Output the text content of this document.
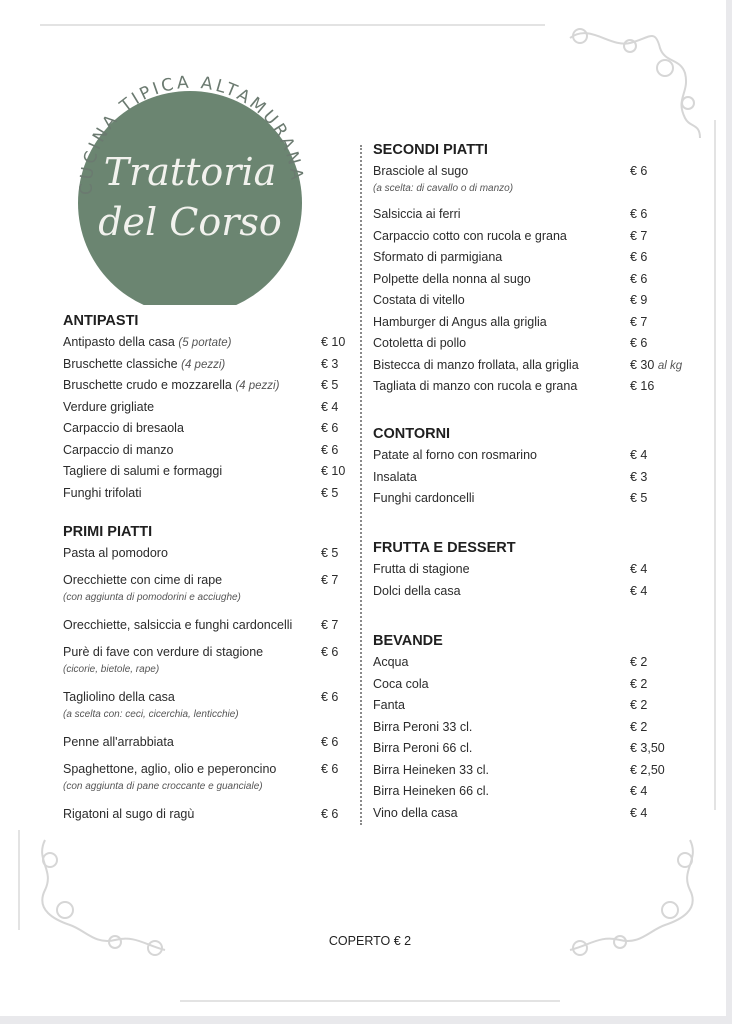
CUCINA TIPICA ALTAMURANA
Trattoria
del Corso
ANTIPASTI
Antipasto della casa (5 portate)	€ 10
Bruschette classiche (4 pezzi)	€ 3
Bruschette crudo e mozzarella (4 pezzi)	€ 5
Verdure grigliate	€ 4
Carpaccio di bresaola	€ 6
Carpaccio di manzo	€ 6
Tagliere di salumi e formaggi	€ 10
Funghi trifolati	€ 5
PRIMI PIATTI
Pasta al pomodoro	€ 5
Orecchiette con cime di rape
(con aggiunta di pomodorini e acciughe)
€ 7
Orecchiette, salsiccia e funghi cardoncelli € 7
Purè di fave con verdure di stagione
(cicorie, bietole, rape)
€ 6
Tagliolino della casa
(a scelta con: ceci, cicerchia, lenticchie)
€ 6
Penne all'arrabbiata	€ 6
Spaghettone, aglio, olio e peperoncino
(con aggiunta di pane croccante e guanciale)
€ 6
Rigatoni al sugo di ragù	€ 6
SECONDI PIATTI
Brasciole al sugo
(a scelta: di cavallo o di manzo)
€ 6
Salsiccia ai ferri	€ 6
Carpaccio cotto con rucola e grana	€ 7
Sformato di parmigiana	€ 6
Polpette della nonna al sugo	€ 6
Costata di vitello	€ 9
Hamburger di Angus alla griglia	€ 7
Cotoletta di pollo	€ 6
Bistecca di manzo frollata, alla griglia	€ 30 al kg
Tagliata di manzo con rucola e grana	€ 16
CONTORNI
Patate al forno con rosmarino	€ 4
Insalata	€ 3
Funghi cardoncelli	€ 5
FRUTTA E DESSERT
Frutta di stagione	€ 4
Dolci della casa	€ 4
BEVANDE
Acqua	€ 2
Coca cola	€ 2
Fanta	€ 2
Birra Peroni 33 cl.	€ 2
Birra Peroni 66 cl.	€ 3,50
Birra Heineken 33 cl.	€ 2,50
Birra Heineken 66 cl.	€ 4
Vino della casa	€ 4
COPERTO € 2
